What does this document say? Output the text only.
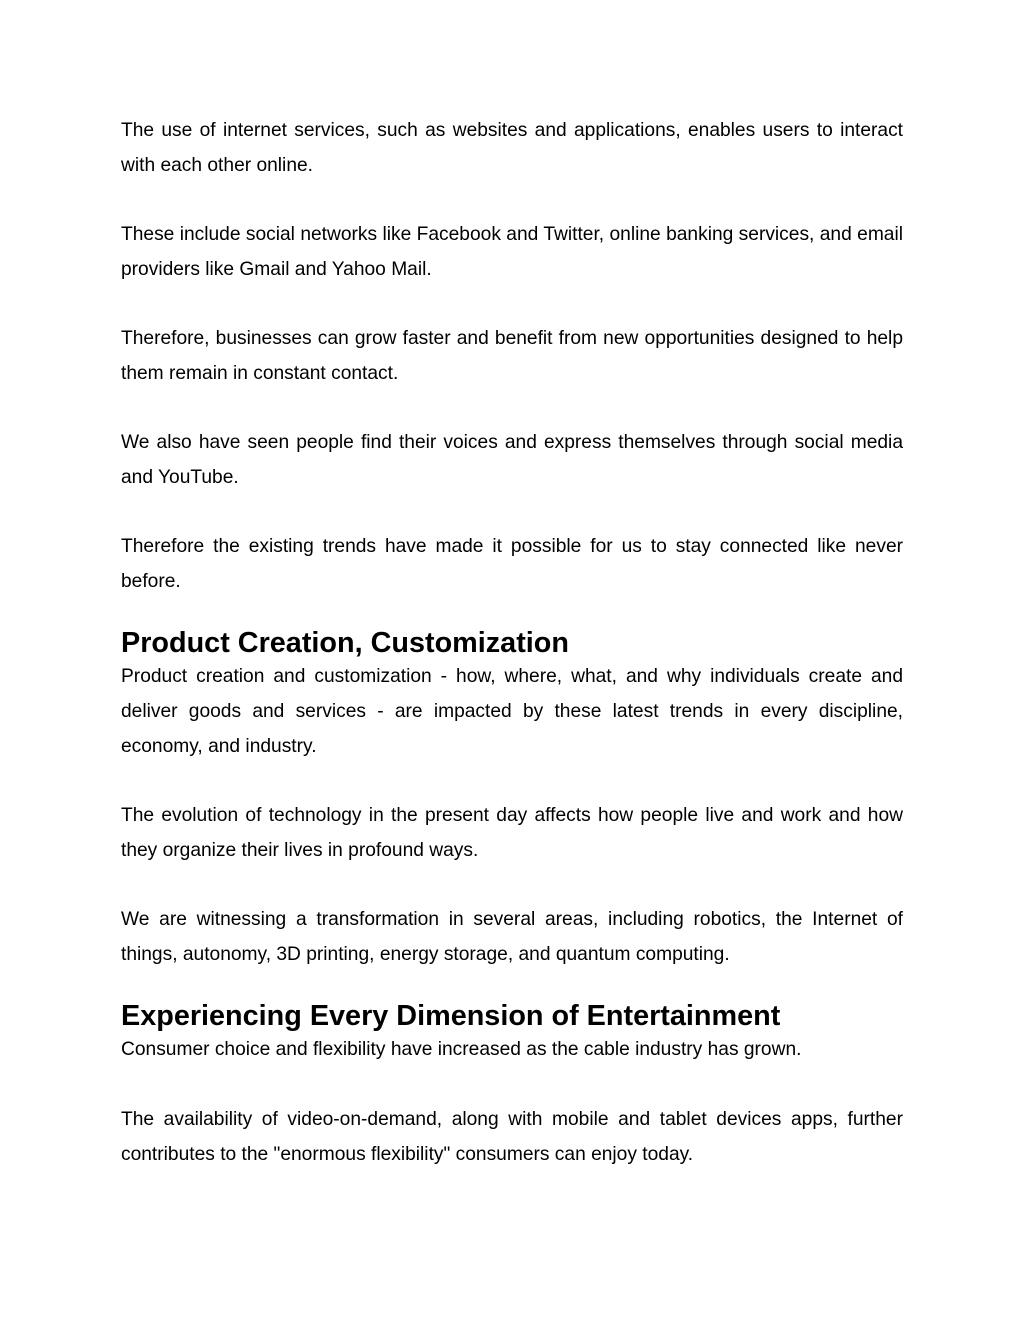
The use of internet services, such as websites and applications, enables users to interact with each other online.

These include social networks like Facebook and Twitter, online banking services, and email providers like Gmail and Yahoo Mail.

Therefore, businesses can grow faster and benefit from new opportunities designed to help them remain in constant contact.

We also have seen people find their voices and express themselves through social media and YouTube.

Therefore the existing trends have made it possible for us to stay connected like never before.

Product Creation, Customization

Product creation and customization - how, where, what, and why individuals create and deliver goods and services - are impacted by these latest trends in every discipline, economy, and industry.

The evolution of technology in the present day affects how people live and work and how they organize their lives in profound ways.

We are witnessing a transformation in several areas, including robotics, the Internet of things, autonomy, 3D printing, energy storage, and quantum computing.

Experiencing Every Dimension of Entertainment

Consumer choice and flexibility have increased as the cable industry has grown.

The availability of video-on-demand, along with mobile and tablet devices apps, further contributes to the "enormous flexibility" consumers can enjoy today.
